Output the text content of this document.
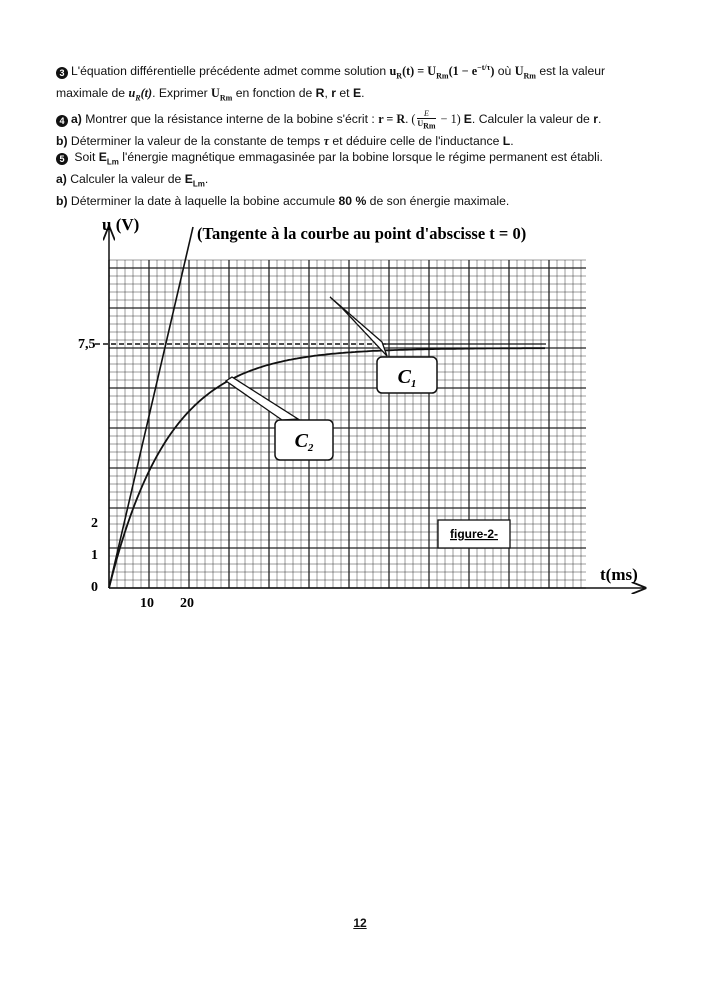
3 L'équation différentielle précédente admet comme solution $u_R(t) = U_{Rm}(1 - e^{-t/\tau})$ où $U_{Rm}$ est la valeur
maximale de $u_R(t)$. Exprimer $U_{Rm}$ en fonction de R, r et E.
4 a) Montrer que la résistance interne de la bobine s'écrit : r = R. ( $\frac{E}{U_{Rm}} - 1$) E. Calculer la valeur de r.
b) Déterminer la valeur de la constante de temps τ et déduire celle de l'inductance L.
5 Soit $E_{Lm}$ l'énergie magnétique emmagasinée par la bobine lorsque le régime permanent est établi.
a) Calculer la valeur de $E_{Lm}$.
b) Déterminer la date à laquelle la bobine accumule 80 % de son énergie maximale.
$C_1$
$C_2$
figure-2-
u (V)
t(ms)
(Tangente à la courbe au point d'abscisse t = 0)
7,5
2
1
0
10 20
12
